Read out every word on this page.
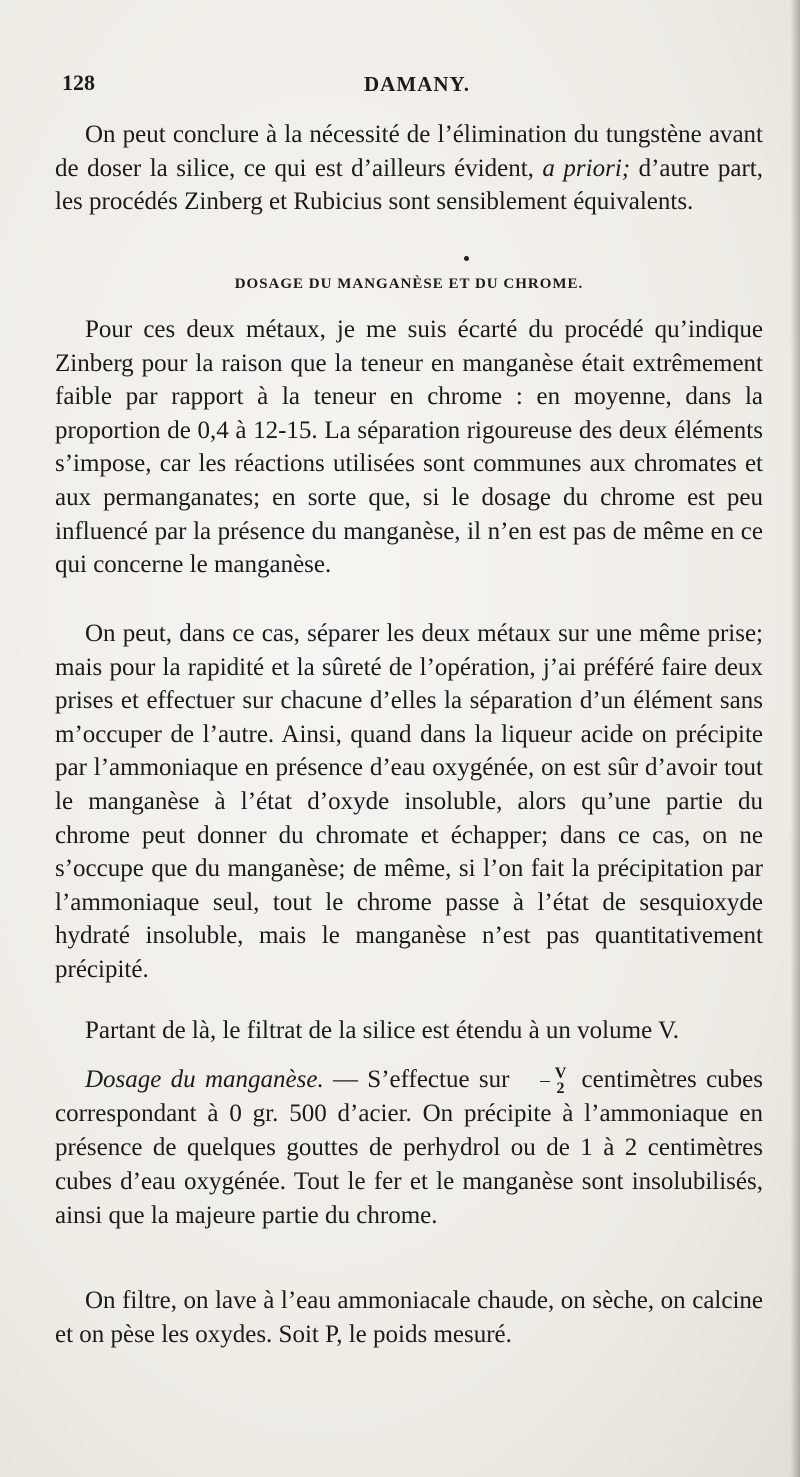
128	DAMANY.

On peut conclure à la nécessité de l’élimination du tungstène avant de doser la silice, ce qui est d’ailleurs évident, a priori; d’autre part, les procédés Zinberg et Rubicius sont sensiblement équivalents.

DOSAGE DU MANGANÈSE ET DU CHROME.

Pour ces deux métaux, je me suis écarté du procédé qu’indique Zinberg pour la raison que la teneur en manganèse était extrêmement faible par rapport à la teneur en chrome : en moyenne, dans la proportion de 0,4 à 12-15. La séparation rigoureuse des deux éléments s’impose, car les réactions utilisées sont communes aux chromates et aux permanganates; en sorte que, si le dosage du chrome est peu influencé par la présence du manganèse, il n’en est pas de même en ce qui concerne le manganèse.

On peut, dans ce cas, séparer les deux métaux sur une même prise; mais pour la rapidité et la sûreté de l’opération, j’ai préféré faire deux prises et effectuer sur chacune d’elles la séparation d’un élément sans m’occuper de l’autre. Ainsi, quand dans la liqueur acide on précipite par l’ammoniaque en présence d’eau oxygénée, on est sûr d’avoir tout le manganèse à l’état d’oxyde insoluble, alors qu’une partie du chrome peut donner du chromate et échapper; dans ce cas, on ne s’occupe que du manganèse; de même, si l’on fait la précipitation par l’ammoniaque seul, tout le chrome passe à l’état de sesquioxyde hydraté insoluble, mais le manganèse n’est pas quantitativement précipité.

Partant de là, le filtrat de la silice est étendu à un volume V.

Dosage du manganèse. — S’effectue sur $\frac{V}{2}$ centimètres cubes correspondant à 0 gr. 500 d’acier. On précipite à l’ammoniaque en présence de quelques gouttes de perhydrol ou de 1 à 2 centimètres cubes d’eau oxygénée. Tout le fer et le manganèse sont insolubilisés, ainsi que la majeure partie du chrome.

On filtre, on lave à l’eau ammoniacale chaude, on sèche, on calcine et on pèse les oxydes. Soit P, le poids mesuré.
